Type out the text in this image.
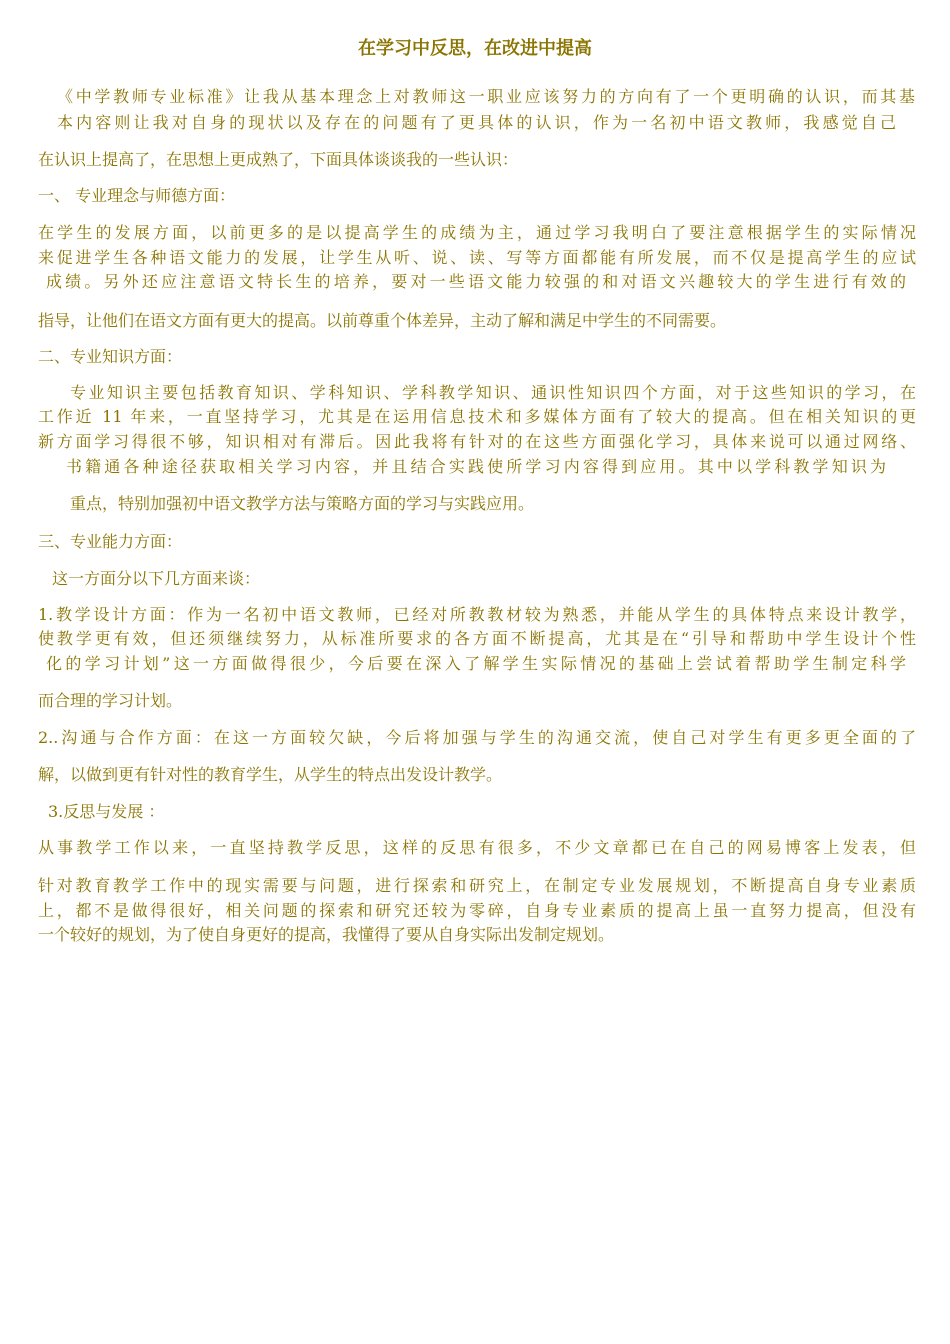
在学习中反思，在改进中提高
《中学教师专业标准》让我从基本理念上对教师这一职业应该努力的方向有了一个更明确的认识，而其基
本内容则让我对自身的现状以及存在的问题有了更具体的认识，作为一名初中语文教师，我感觉自己
在认识上提高了，在思想上更成熟了，下面具体谈谈我的一些认识：
一、 专业理念与师德方面：
在学生的发展方面，以前更多的是以提高学生的成绩为主，通过学习我明白了要注意根据学生的实际情况
来促进学生各种语文能力的发展，让学生从听、说、读、写等方面都能有所发展，而不仅是提高学生的应试
成绩。另外还应注意语文特长生的培养，要对一些语文能力较强的和对语文兴趣较大的学生进行有效的
指导，让他们在语文方面有更大的提高。以前尊重个体差异，主动了解和满足中学生的不同需要。
二、专业知识方面：
专业知识主要包括教育知识、学科知识、学科教学知识、通识性知识四个方面，对于这些知识的学习，在
工作近 11 年来，一直坚持学习，尤其是在运用信息技术和多媒体方面有了较大的提高。但在相关知识的更
新方面学习得很不够，知识相对有滞后。因此我将有针对的在这些方面强化学习，具体来说可以通过网络、
书籍通各种途径获取相关学习内容，并且结合实践使所学习内容得到应用。其中以学科教学知识为
重点，特别加强初中语文教学方法与策略方面的学习与实践应用。
三、专业能力方面：
这一方面分以下几方面来谈：
1.教学设计方面：作为一名初中语文教师，已经对所教教材较为熟悉，并能从学生的具体特点来设计教学，
使教学更有效，但还须继续努力，从标准所要求的各方面不断提高，尤其是在“引导和帮助中学生设计个性
化的学习计划”这一方面做得很少，今后要在深入了解学生实际情况的基础上尝试着帮助学生制定科学
而合理的学习计划。
2..沟通与合作方面：在这一方面较欠缺，今后将加强与学生的沟通交流，使自己对学生有更多更全面的了
解，以做到更有针对性的教育学生，从学生的特点出发设计教学。
3.反思与发展 ：
从事教学工作以来，一直坚持教学反思，这样的反思有很多，不少文章都已在自己的网易博客上发表，但
针对教育教学工作中的现实需要与问题，进行探索和研究上，在制定专业发展规划，不断提高自身专业素质
上，都不是做得很好，相关问题的探索和研究还较为零碎，自身专业素质的提高上虽一直努力提高，但没有
一个较好的规划，为了使自身更好的提高，我懂得了要从自身实际出发制定规划。
